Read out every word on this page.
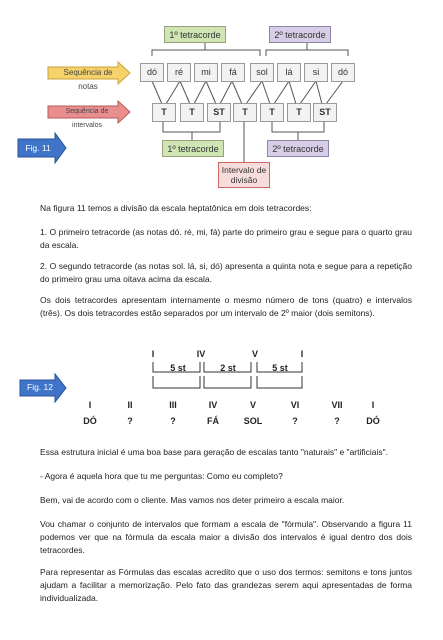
1º tetracorde	2º tetracorde
Sequência de notas
Sequência de intervalos
Fig. 11
dó	ré	mi	fá	sol	lá	si	dó
T	T	ST	T	T	T	ST
1º tetracorde	2º tetracorde
Intervalo de divisão
Na figura 11 temos a divisão da escala heptatônica em dois tetracordes:
1. O primeiro tetracorde (as notas dó. ré, mi, fá) parte do primeiro grau e segue para o quarto grau da escala.
2. O segundo tetracorde (as notas sol. lá, si, dó) apresenta a quinta nota e segue para a repetição do primeiro grau uma oitava acima da escala.
Os dois tetracordes apresentam internamente o mesmo número de tons (quatro) e intervalos (três). Os dois tetracordes estão separados por um intervalo de 2º maior (dois semitons).
I	IV	V	I
5 st	2 st	5 st
Fig. 12
I	II	III	IV	V	VI	VII	I
DÓ	?	?	FÁ	SOL	?	?	DÓ
Essa estrutura inicial é uma boa base para geração de escalas tanto "naturais" e "artificiais".
- Agora é aquela hora que tu me perguntas: Como eu completo?
Bem, vai de acordo com o cliente. Mas vamos nos deter primeiro a escala maior.
Vou chamar o conjunto de intervalos que formam a escala de "fórmula". Observando a figura 11 podemos ver que na fórmula da escala maior a divisão dos intervalos é igual dentro dos dois tetracordes.
Para representar as Fórmulas das escalas acredito que o uso dos termos: semitons e tons juntos ajudam a facilitar a memorização. Pelo fato das grandezas serem aqui apresentadas de forma individualizada.
